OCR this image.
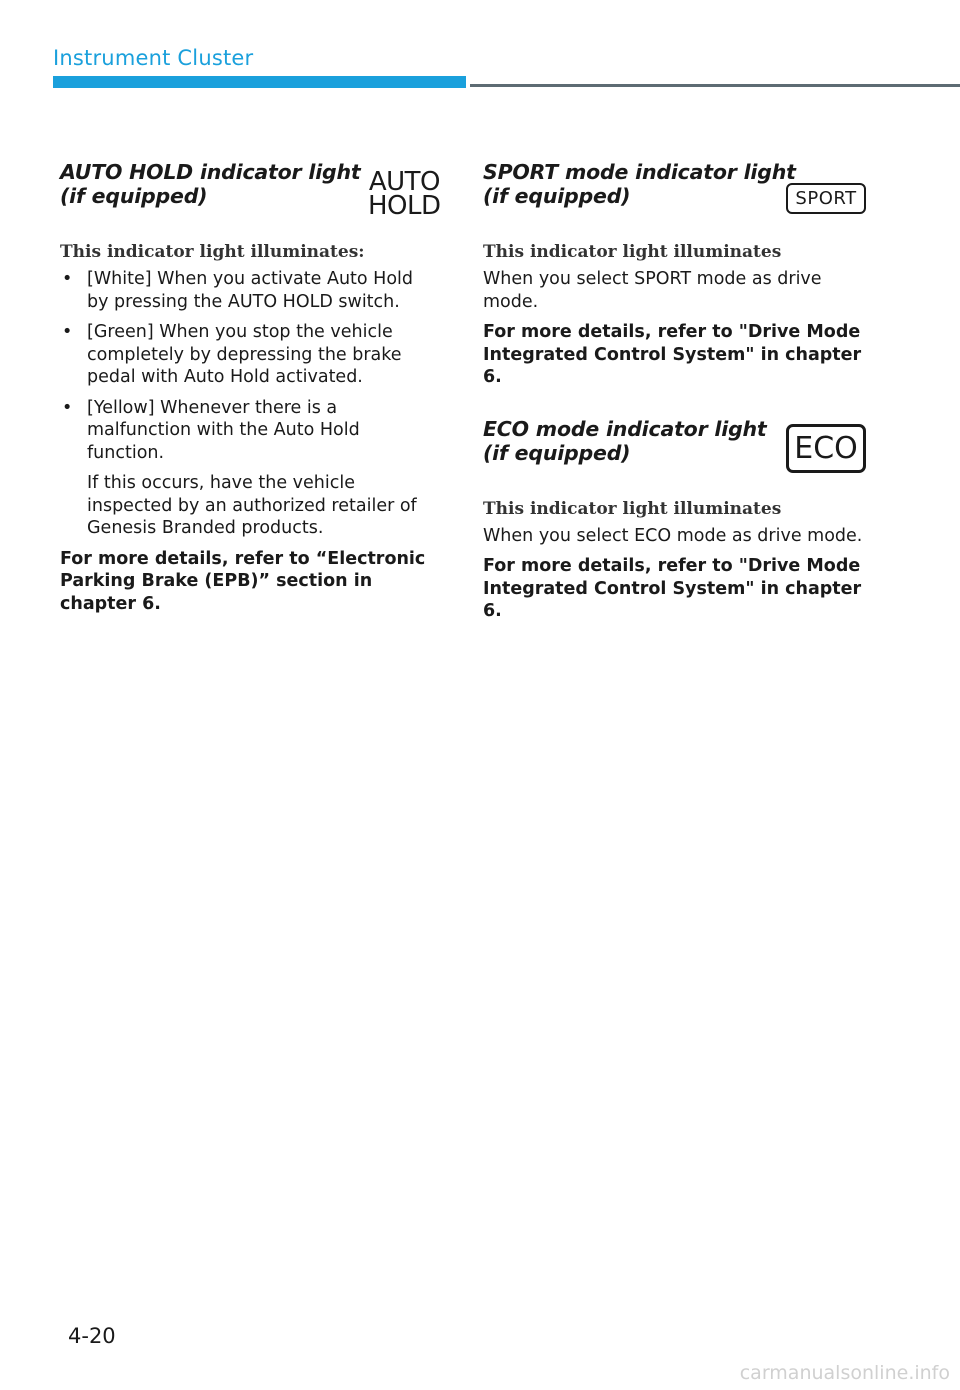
Instrument Cluster
AUTO HOLD indicator light
(if equipped)	AUTO
HOLD
This indicator light illuminates:
• [White] When you activate Auto Hold by pressing the AUTO HOLD switch.
• [Green] When you stop the vehicle completely by depressing the brake pedal with Auto Hold activated.
• [Yellow] Whenever there is a malfunction with the Auto Hold function.
If this occurs, have the vehicle inspected by an authorized retailer of Genesis Branded products.
For more details, refer to “Electronic Parking Brake (EPB)” section in chapter 6.
SPORT
ECO
SPORT mode indicator light
(if equipped)
This indicator light illuminates
When you select SPORT mode as drive mode.
For more details, refer to "Drive Mode Integrated Control System" in chapter 6.
ECO mode indicator light
(if equipped)
This indicator light illuminates
When you select ECO mode as drive mode.
For more details, refer to "Drive Mode Integrated Control System" in chapter 6.
4-20
carmanualsonline.info
